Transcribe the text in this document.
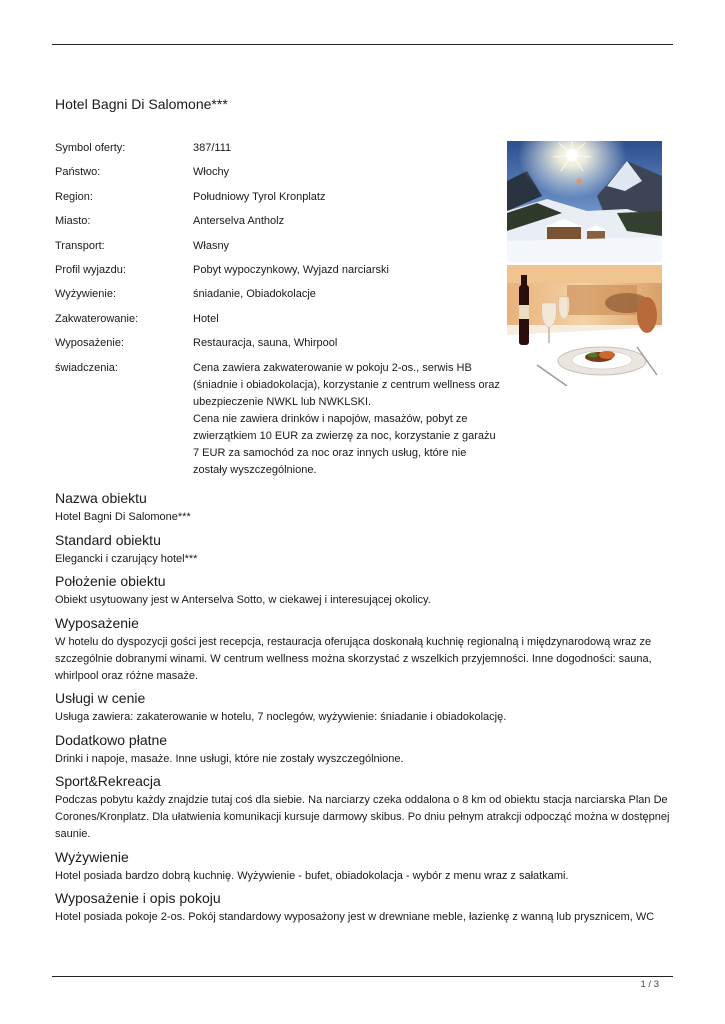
Hotel Bagni Di Salomone***
Symbol oferty:	387/111
Państwo:	Włochy
Region:	Południowy Tyrol Kronplatz
Miasto:	Anterselva Antholz
Transport:	Własny
Profil wyjazdu:	Pobyt wypoczynkowy, Wyjazd narciarski
Wyżywienie:	śniadanie, Obiadokolacje
Zakwaterowanie:	Hotel
Wyposażenie:	Restauracja, sauna, Whirpool
świadczenia:	Cena zawiera zakwaterowanie w pokoju 2-os., serwis HB
(śniadnie i obiadokolacja), korzystanie z centrum wellness oraz
ubezpieczenie NWKL lub NWKLSKI.
Cena nie zawiera drinków i napojów, masażów, pobyt ze
zwierzątkiem 10 EUR za zwierzę za noc, korzystanie z garażu
7 EUR za samochód za noc oraz innych usług, które nie
zostały wyszczególnione.
Nazwa obiektu

Hotel Bagni Di Salomone***

Standard obiektu

Elegancki i czarujący hotel***

Położenie obiektu

Obiekt usytuowany jest w Anterselva Sotto, w ciekawej i interesującej okolicy.

Wyposażenie

W hotelu do dyspozycji gości jest recepcja, restauracja oferująca doskonałą kuchnię regionalną i międzynarodową wraz ze
szczególnie dobranymi winami. W centrum wellness można skorzystać z wszelkich przyjemności. Inne dogodności: sauna,
whirlpool oraz różne masaże.

Usługi w cenie

Usługa zawiera: zakaterowanie w hotelu, 7 noclegów, wyżywienie: śniadanie i obiadokolację.

Dodatkowo płatne

Drinki i napoje, masaże. Inne usługi, które nie zostały wyszczególnione.

Sport&Rekreacja

Podczas pobytu każdy znajdzie tutaj coś dla siebie. Na narciarzy czeka oddalona o 8 km od obiektu stacja narciarska Plan De
Corones/Kronplatz. Dla ułatwienia komunikacji kursuje darmowy skibus. Po dniu pełnym atrakcji odpocząć można w dostępnej
saunie.

Wyżywienie

Hotel posiada bardzo dobrą kuchnię. Wyżywienie - bufet, obiadokolacja - wybór z menu wraz z sałatkami.

Wyposażenie i opis pokoju

Hotel posiada pokoje 2-os. Pokój standardowy wyposażony jest w drewniane meble, łazienkę z wanną lub prysznicem, WC

1 / 3
